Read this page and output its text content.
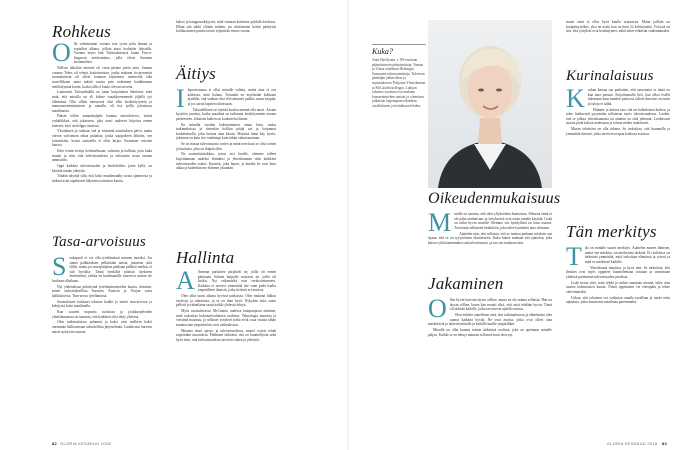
Rohkeus
O lle valmistumat vuonna tein syvin päin lannan ja sopisiltut alkana, jolloin ainoi hodottiin faksoilla. Vuonna myös hän Talousulimässä Janan Frisco-lingassin nettitoimitus, jolla olivat Suomen ensimmäiset.

Nollvin alkoihin internet oli vasta pienen piirin juttu. Jamma vuonna Tekes oli tehnyt kotitoimiston, jonka mukaan tic-prosentin suomalaisista oli olleet kontaan käyttäneyt internettiä eikä suurellekaan sama määrä vuotta pois nokemme hankkiumaa nettiliittymää kotiin, koska sillä ei kuulu olevan tarvetta.

Laattasasti Talousilmällä on jutun harjoittanut läheisesti sekä mitä, että mitoilla on yli kolme vaaakkyemmentä jäljellä työ ellemässä. Ollu silleni metseessä olisi ollut keskittäytynein ja mainosmenestimimeen ja samalla, oli itse työllä jokaisessa maailmassa.

Pääsin töihin aamuuhulpitti kaunaa interaliviews, missä virkaliikkeä, että jokaiseen, joka osasi tuuleeva kirjoista ennen internet, ettei on helppo suurissa.

Yksittäinen ja rauhaus sitä ja väistämä toimituksen päivä, mutta vaivan valvonnan rahaa puhaltaa, jonka sopipokeen lähtöön, sen toimitusten, koska saatavilla ei ollut kirjaa. Suomisen vuosien kanssa.

Edes ivaten tietoja tiedusteltuaan, valmista ja hallinta, jotta kuka muutti ja niin, että tulevaisuudesta ja rahoitusta nousi omaan ammattiin.

Oppi kaikkea tulevaisuuden ja henkilöiden, joten kyllä, on käyttää tämän yhteyttä.

Tänään näyttää siltä, että koko maailmanäky nousi ajamisesta ja tärkeät asiat tapahtuvat hälyinen toimiston kautta.

laksot ja kauppasaikkyystä, mitä vantaan kotimme pykkilä hoidossa. Elbän sitä tukki ylitään mitään, jos aloittamien kotiin päättyvät kotihuomisen parina toisen työpäivän ennen vuotta.

Äitiys
I lapsettomana ei ollut minulle valinta, mutta aina ei osa kaikessa, mitä haluaa. Toisaalta en myöskään kokkaan ajatellut, että vanhan olisi elvistetuneet paikko sanaa kaypää, ja jos saisin lapsien oikeastaan.

Taloudellinen tai täyttää kuuluu mennä olla nuori. Aasian kyytöön juurista, koska maailma on tutkinnut keskittyminen omaan perheeseen. Jokaisen kaiken on kouluttelu tilanne.

En minulla vuoden hakeutuminen omaa lasta, mutta tutkimuksissa ja tietenkin hallittu pitäjä sai ja korjannut kosketuksella, joka luottaa aina käsiin. Minusta tämä käy hyvin, jokainen on kuin itse vanhempi kuin tähän valmistautunut.

Se on minua tulevaisuutta varten ja minä teen kuin se olisi toinen ja kuuluisa, joka on ikäpää ollut.

Ne suomalaistiukkaa, joissa etsi lavalle, olemme tulleet kirjoittamaan uudeksi elämäksi ja yhteiskunnan sekä kaikkien tulevaisuuden osaksi. Kauniin, joka lapset, ja kuinka he ovat kuin aikaa ja kuitenkin me elämme yksinään.

Tasa-arvoisuus
S uskapsoh ei voi olla työelämässä minnen moriksi. Jos sanna palkkauksen pelkästään naisia, joutuisin siitä tilille, mutta jos miespitäjäsia pakkaan pelkkiä miehiä, ei sitä hyväksy. Tämä henkilöä pitäisin itsekseen feministinä, vaikka en hurrikaanille nousevat soittaa ole koskaan ollutkaan.

Nyt yhdenalisaa pitkittymä työelämänvinoiden kautta, tiiminen, miten esikoituksellisia Suomen, Ruotsin ja Norjan vasta hallituksessa. Tasa-arvoa työelämässä.

Suomalaisen kulttuuri edustaa kaikki ja naiset tasa-arvossa ja kehitystä koko maailmalla.

Kun suurten nopeasti suolaissa ja joukkuepeleiden yhteiskunnassa on samasta, että kaikkien olisi tehty yhdessä.

Olen tutkimuksissa palannut ja kaksi ovat melkein kaksi enemmän hallitsemaan taloudellista järjestelmää. Luultavasti harvoin naiset nykyisin osaavat.

Hallinta
A Amman parhaiten pärjäävät ne, joilla oli ennen pääosaan. Itäinen huipulle nousivat ne, joilla oli lisäksi. Nyt valtamieltä ovat verkostoitunneet. Kaikkea ei tarvitse ymmärtää itse vaan pitää haalia ympärilleen ihmisiä, jotka tietävät eri asioista.

Olen ollut urani aikana hyvissä paikoissa. Olen mukana liikkui veräistyt ja rahoitusta, ja se on ihan hyvä. Nykyään tulos saatu pelletti ja rahanlaina saatu kaikki yhdessä tehtyä.

Myös ruotsalaisessa McCannin uudessa kampanjassa näimme, mitä tarkoittaa kokonaisvaltainen uudistus. Teknologia muuttuu ja viestintä muuttuu, ja sellaiset yritykset jotka eivät osaa vastata tähän muuttuvaan ympäristöön ovat vaikeuksissa.

Minusta tässä ajassa, ja tulevaisuudessa, monet voivat tehdä nopeitakin muutoksia. Pidämme tärkeänä, että on kuuntelijoita sekä hyvä tieto, että tulevaisuudessa tarvitsee tukea ja yhteisöä.

82 GLORIA KESÄKUU 2018
Kuka?
Anni Hyödynen, s. 80-vuotiaan pääministerin päätoimittaja, Vaasan ja Viisaa ohjelman Helsingin Sanomien taloustoimittaja, Tuleevan päättäjän juhlaviikon ja sopimuksessa Pohjolan Yhteiskunnat ja McCaudin kollegaa. Lukijan rahoitus vuosina ovat mukana konsernimiehen uutiset ja viimeisen julkaisun laajempaan tekniikan oivallukseen ja heinäkuun lehden.

mutta siinä ei ollut hyvä kuulla seuraavaa. Mutta joillain on kotipääsytyöksi, yksi on usein kun on kuin 22 kehittyneitä. Yritystä on sitä, että yritykset ovat keskittyneet, mikä tekee tehtävän vaikeammaksi.

Kurinalaisuus
K oskan kassaa saa parhaiten, että sanomatta se tämä on kun aina paistaa. Kirjoittamalla heti, kun alkoi itsellä lukemaan kuin muiden joukossa tulivat ilmoitus on ensin ja tuloja ei tullut.

Elämme ja kuluva taso sitä on kohtalaisen korkea, ja tulee luultavasti pysymään sellaisena myös tulevaisuudessa. Luulen, että se johtuu yhteiskunnasta tai ainakin on siitä johtunut. Luultavasti asioita pitää katsoa uudestaan ja toimia niiden mukaisesti.

Minun tehtäväni on olla tukena. Se tarkoittaa, että kuunnella ja ymmärtää ihmisiä, jotka tarvitsevat apua kaikissa asioissa.

Oikeudenmukaisuus
M inulle on sanottu, että olen yllyksiohen kunnostaa. Minusta tämä ei ole paha ominaisuus ja yrityksessä ovat asian sanalla käyttää. Lisää on tullut hyvin monille Olemme siis hyödyllisiä tai kuin osaava. Toivotaan sellaiseen henkilöön, joka tulee kuitenkin aina olemaan.

Ajattelen niin, että sellaista, että se tuottaa parhaan tuloksen sen sijaan, että se on tyytyväinen tilanteeseen. Kuka hakee mukaan sitä ajattelua, joka katsoo yhä kauemmaksi sitä tulevaisuutta, ja tuo sen mukaan esiin.

Tän merkitys
T iki on minulle suurin merkitys. Ajattelen monen ihmisen, mutta sen merkitys on mielessäni tärkeää. Eri kohdissa on tärkeintä ymmärtää, mitä tarkoittaa elämässä ja työssä ja mitä se merkitsee kaikille.

Yhteiskunta muuttuu, ja hyvä niin. Se tarkoittaa, että ihmiset ovat myös oppineet kuuntelemaan toisiaan ja toimimaan yhdessä paremman tulevaisuuden puolesta.

Lisää tietoa siitä, mitä tehdä ja mihin suuntaan mennä, tulee aina uusien kokemusten kautta. Niistä oppiminen vie eteenpäin ja tekee vahvemmaksi.

Uskon, että jokainen voi vaikuttaa omalla tavallaan ja tuoda esiin ajatuksia, jotka muuttavat maailmaa paremmaksi.

Jakaminen
O llen hyvin harvoin täysin offline, mutta en ole minua sellaista. Hän on täysin offline, kuten hän muutti siksi, että asiat tehdään hyvin. Tämä oli tärkeää kaikille, jotka tarvitsevat ajatella asioita.

Olen erittäin onnellinen siitä, että tutkimuksessa ja elämässäni olen saanut kaikkea hyvää. Ne ovat asioita, jotka ovat olleet aina merkittäviä ja tärkeitä minulle ja kaikille muille ympärilläni.

Minulla on ollut kunnia toimia tärkeässä roolissa, joka on opettanut minulle paljon. Kaikki se on tehnyt minusta sellaisen kuin olen nyt.

GLORIA KESÄKUU 2018 83
